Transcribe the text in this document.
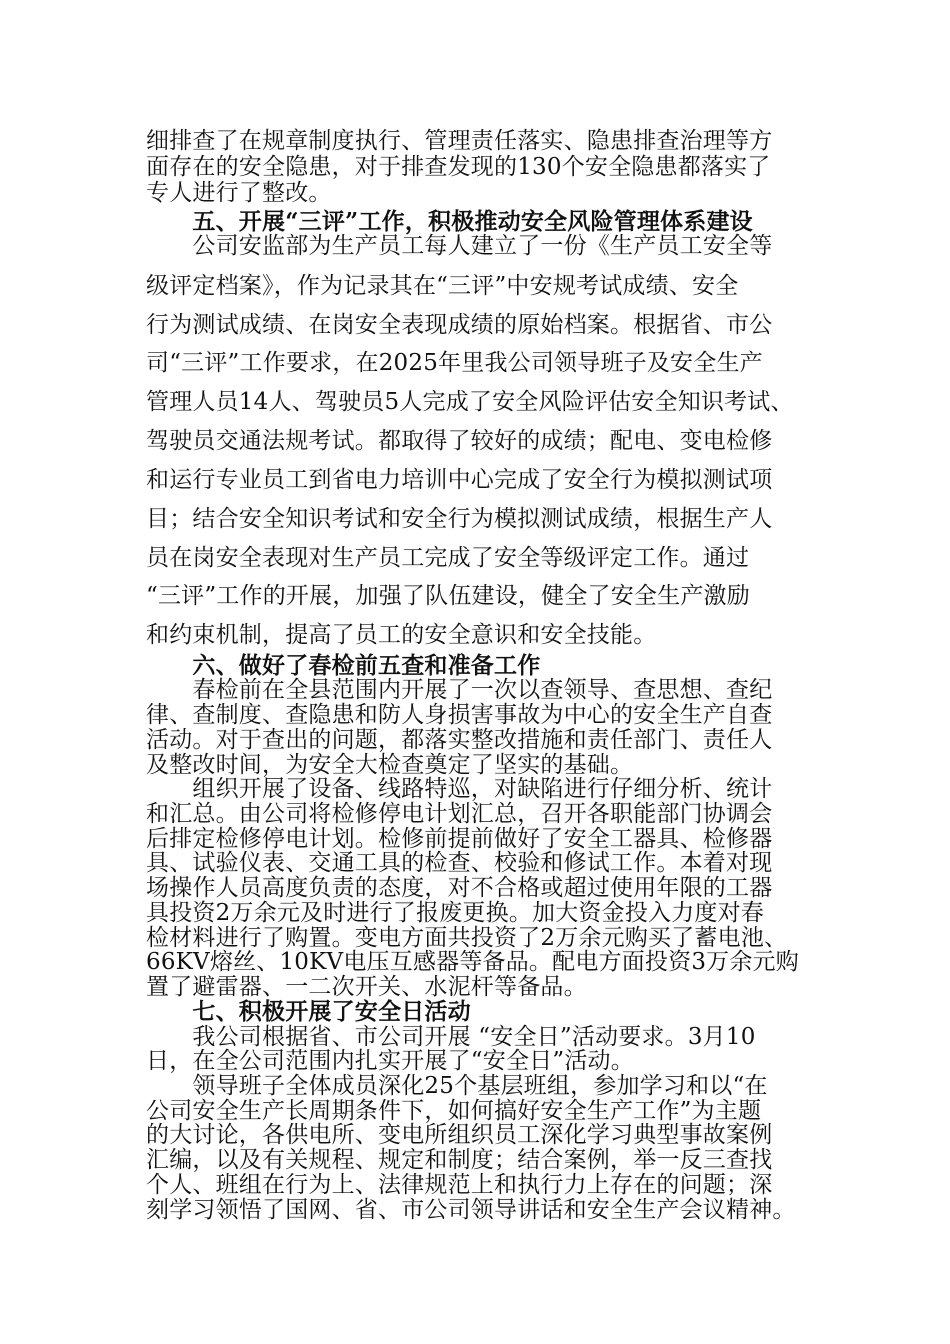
细排查了在规章制度执行、管理责任落实、隐患排查治理等方
面存在的安全隐患，对于排查发现的130个安全隐患都落实了
专人进行了整改。
　　五、开展“三评”工作，积极推动安全风险管理体系建设
　　公司安监部为生产员工每人建立了一份《生产员工安全等
级评定档案》，作为记录其在“三评”中安规考试成绩、安全
行为测试成绩、在岗安全表现成绩的原始档案。根据省、市公
司“三评”工作要求，在2025年里我公司领导班子及安全生产
管理人员14人、驾驶员5人完成了安全风险评估安全知识考试、
驾驶员交通法规考试。都取得了较好的成绩；配电、变电检修
和运行专业员工到省电力培训中心完成了安全行为模拟测试项
目；结合安全知识考试和安全行为模拟测试成绩，根据生产人
员在岗安全表现对生产员工完成了安全等级评定工作。通过
“三评”工作的开展，加强了队伍建设，健全了安全生产激励
和约束机制，提高了员工的安全意识和安全技能。
　　六、做好了春检前五查和准备工作
　　春检前在全县范围内开展了一次以查领导、查思想、查纪
律、查制度、查隐患和防人身损害事故为中心的安全生产自查
活动。对于查出的问题，都落实整改措施和责任部门、责任人
及整改时间，为安全大检查奠定了坚实的基础。
　　组织开展了设备、线路特巡，对缺陷进行仔细分析、统计
和汇总。由公司将检修停电计划汇总，召开各职能部门协调会
后排定检修停电计划。检修前提前做好了安全工器具、检修器
具、试验仪表、交通工具的检查、校验和修试工作。本着对现
场操作人员高度负责的态度，对不合格或超过使用年限的工器
具投资2万余元及时进行了报废更换。加大资金投入力度对春
检材料进行了购置。变电方面共投资了2万余元购买了蓄电池、
66KV熔丝、10KV电压互感器等备品。配电方面投资3万余元购
置了避雷器、一二次开关、水泥杆等备品。
　　七、积极开展了安全日活动
　　我公司根据省、市公司开展 “安全日”活动要求。3月10
日，在全公司范围内扎实开展了“安全日”活动。
　　领导班子全体成员深化25个基层班组，参加学习和以“在
公司安全生产长周期条件下，如何搞好安全生产工作”为主题
的大讨论，各供电所、变电所组织员工深化学习典型事故案例
汇编，以及有关规程、规定和制度；结合案例，举一反三查找
个人、班组在行为上、法律规范上和执行力上存在的问题；深
刻学习领悟了国网、省、市公司领导讲话和安全生产会议精神。
